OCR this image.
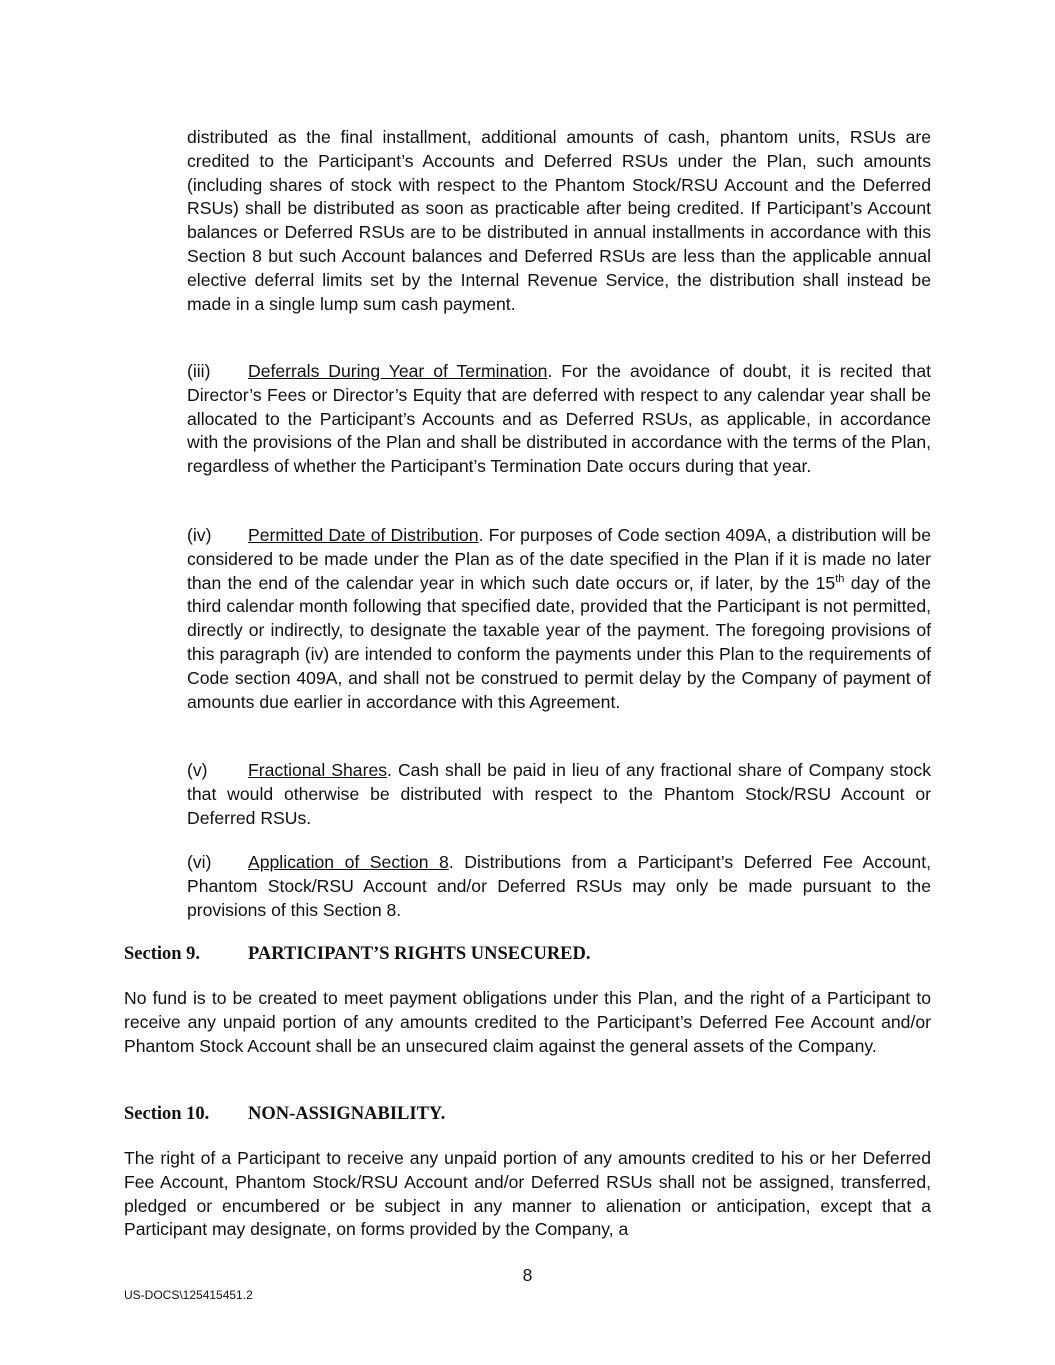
distributed as the final installment, additional amounts of cash, phantom units, RSUs are credited to the Participant’s Accounts and Deferred RSUs under the Plan, such amounts (including shares of stock with respect to the Phantom Stock/RSU Account and the Deferred RSUs) shall be distributed as soon as practicable after being credited. If Participant’s Account balances or Deferred RSUs are to be distributed in annual installments in accordance with this Section 8 but such Account balances and Deferred RSUs are less than the applicable annual elective deferral limits set by the Internal Revenue Service, the distribution shall instead be made in a single lump sum cash payment.

(iii) Deferrals During Year of Termination. For the avoidance of doubt, it is recited that Director’s Fees or Director’s Equity that are deferred with respect to any calendar year shall be allocated to the Participant’s Accounts and as Deferred RSUs, as applicable, in accordance with the provisions of the Plan and shall be distributed in accordance with the terms of the Plan, regardless of whether the Participant’s Termination Date occurs during that year.

(iv) Permitted Date of Distribution. For purposes of Code section 409A, a distribution will be considered to be made under the Plan as of the date specified in the Plan if it is made no later than the end of the calendar year in which such date occurs or, if later, by the 15th day of the third calendar month following that specified date, provided that the Participant is not permitted, directly or indirectly, to designate the taxable year of the payment. The foregoing provisions of this paragraph (iv) are intended to conform the payments under this Plan to the requirements of Code section 409A, and shall not be construed to permit delay by the Company of payment of amounts due earlier in accordance with this Agreement.

(v) Fractional Shares. Cash shall be paid in lieu of any fractional share of Company stock that would otherwise be distributed with respect to the Phantom Stock/RSU Account or Deferred RSUs.

(vi) Application of Section 8. Distributions from a Participant’s Deferred Fee Account, Phantom Stock/RSU Account and/or Deferred RSUs may only be made pursuant to the provisions of this Section 8.

Section 9.	PARTICIPANT’S RIGHTS UNSECURED.

No fund is to be created to meet payment obligations under this Plan, and the right of a Participant to receive any unpaid portion of any amounts credited to the Participant’s Deferred Fee Account and/or Phantom Stock Account shall be an unsecured claim against the general assets of the Company.

Section 10. NON-ASSIGNABILITY.

The right of a Participant to receive any unpaid portion of any amounts credited to his or her Deferred Fee Account, Phantom Stock/RSU Account and/or Deferred RSUs shall not be assigned, transferred, pledged or encumbered or be subject in any manner to alienation or anticipation, except that a Participant may designate, on forms provided by the Company, a

8
US-DOCS\125415451.2
